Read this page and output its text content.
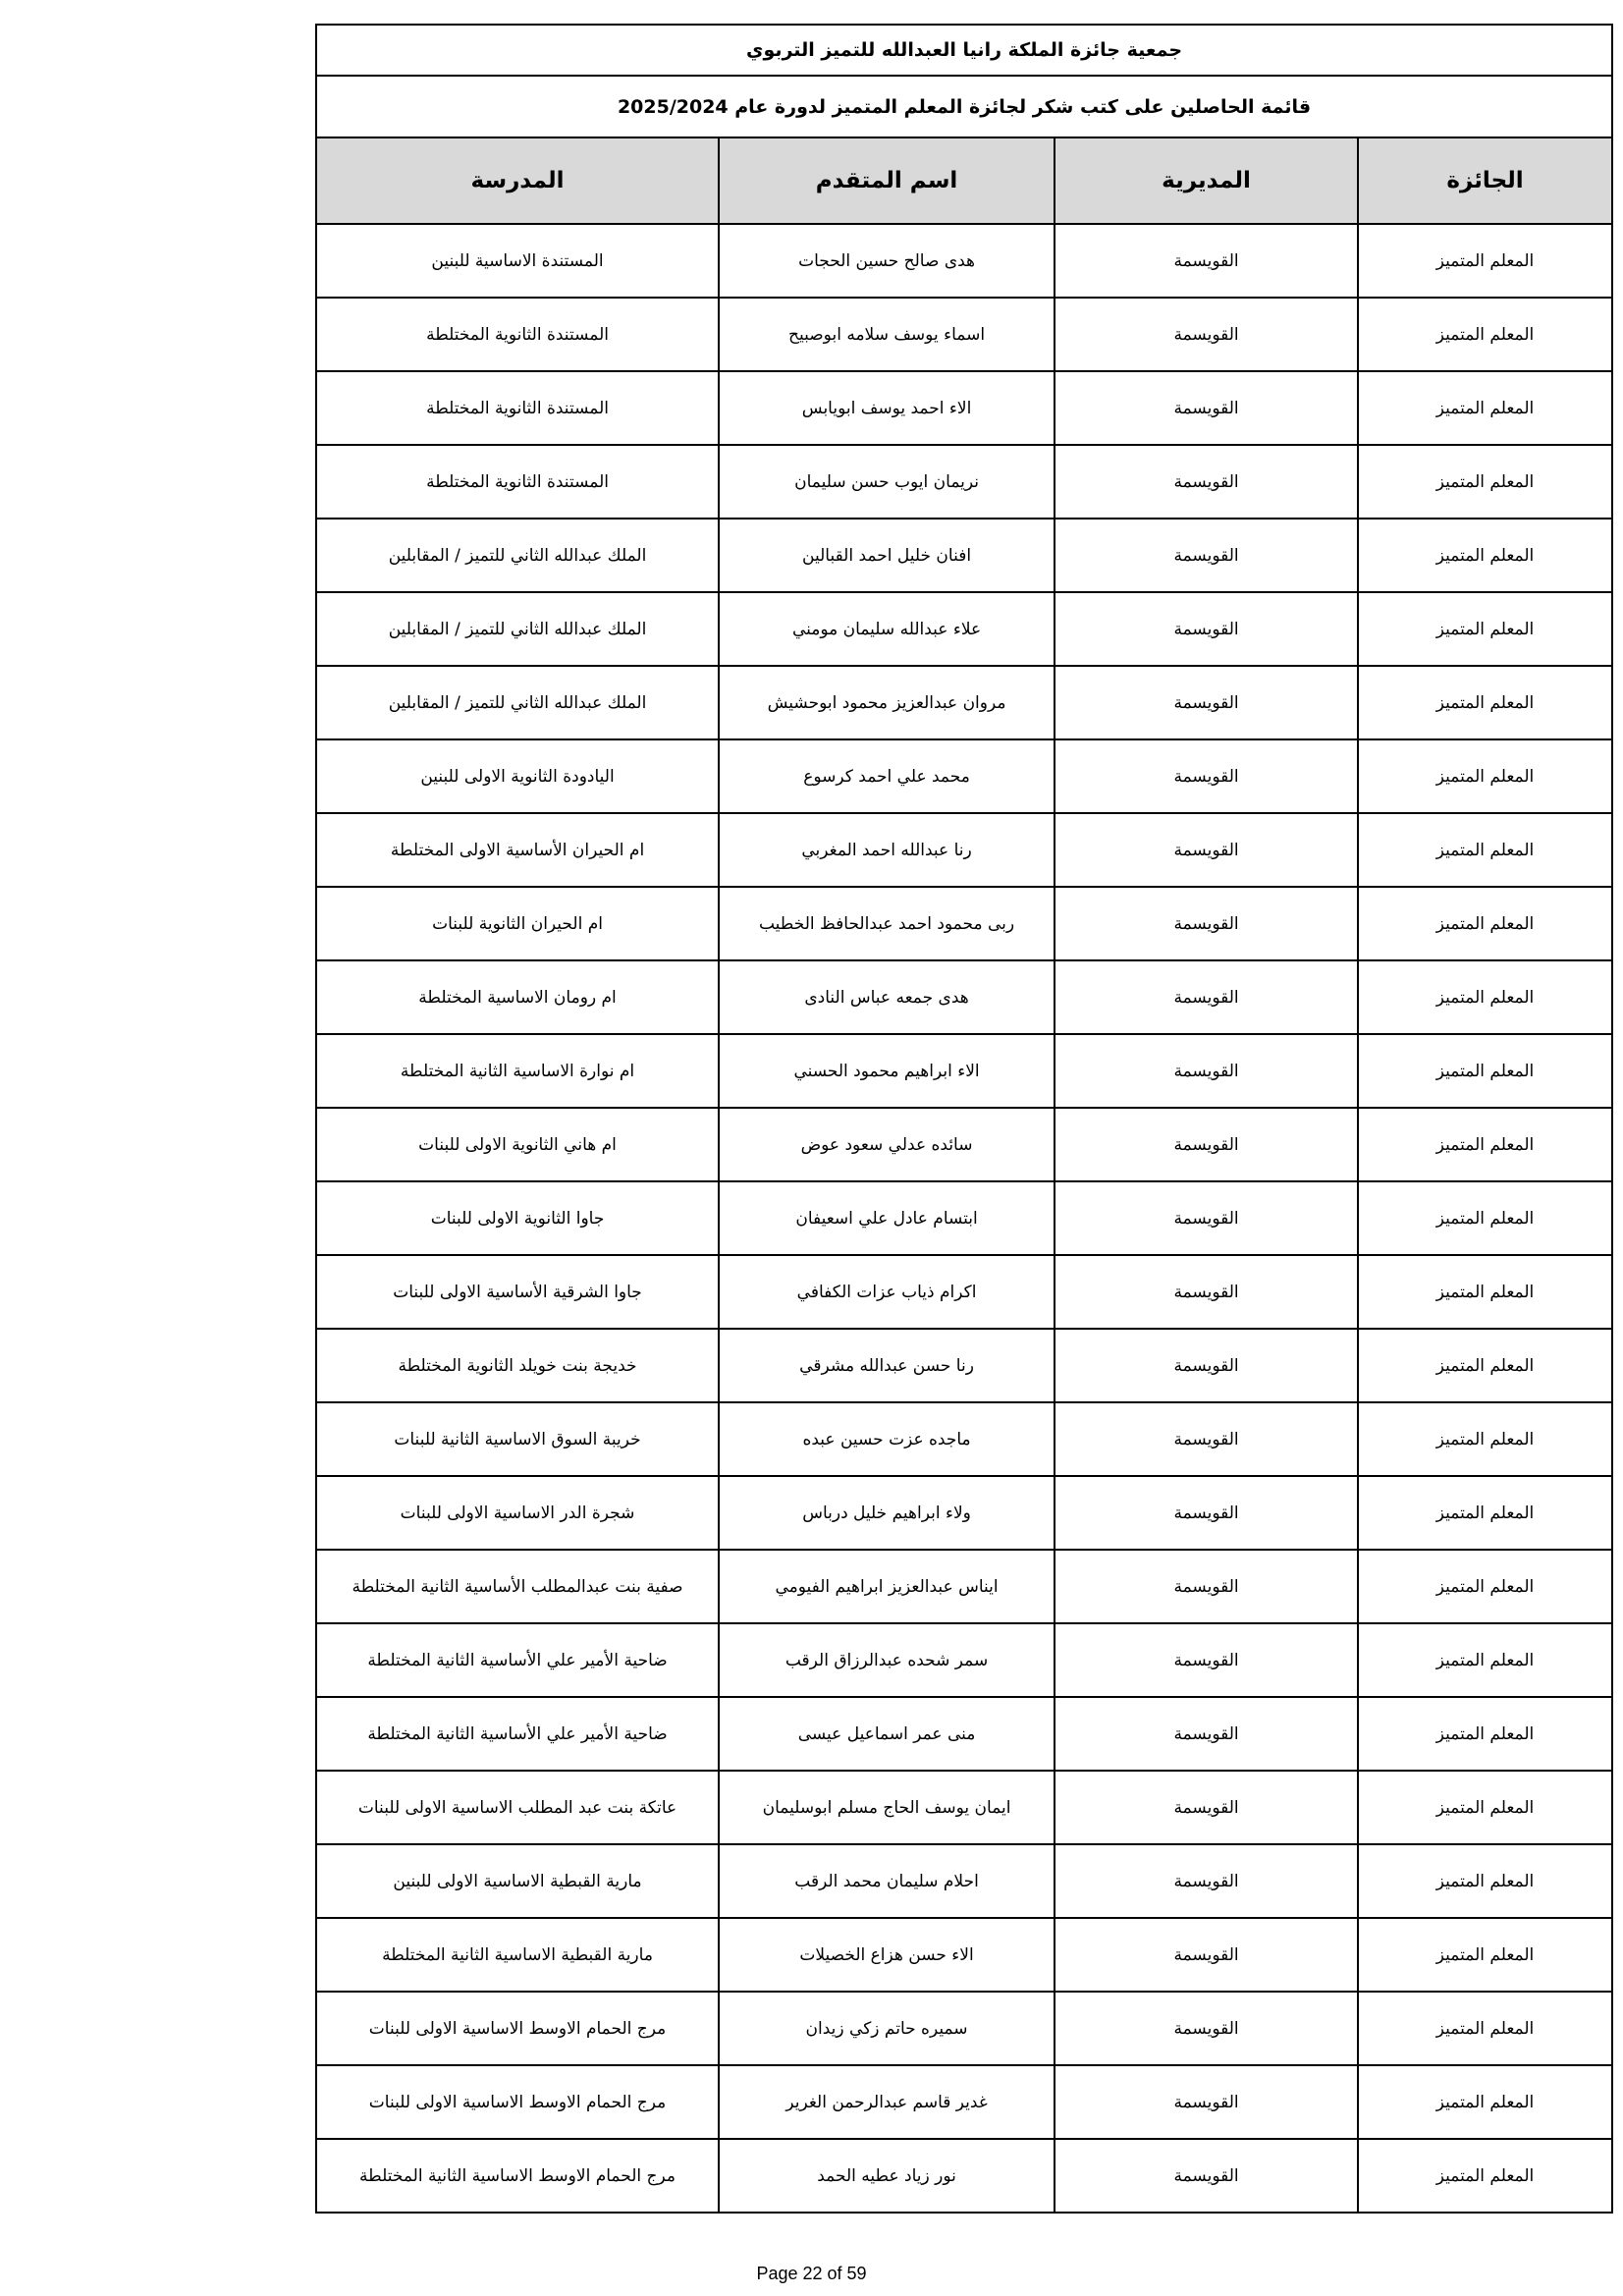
جمعية جائزة الملكة رانيا العبدالله للتميز التربوي			
قائمة الحاصلين على كتب شكر لجائزة المعلم المتميز لدورة عام 2025/2024			
الجائزة	المديرية	اسم المتقدم	المدرسة
المعلم المتميز	القويسمة	هدى صالح حسين الحجات	المستندة الاساسية للبنين
المعلم المتميز	القويسمة	اسماء يوسف سلامه ابوصبيح	المستندة الثانوية المختلطة
المعلم المتميز	القويسمة	الاء احمد يوسف ابويابس	المستندة الثانوية المختلطة
المعلم المتميز	القويسمة	نريمان ايوب حسن سليمان	المستندة الثانوية المختلطة
المعلم المتميز	القويسمة	افنان خليل احمد القبالين	الملك عبدالله الثاني للتميز / المقابلين
المعلم المتميز	القويسمة	علاء عبدالله سليمان مومني	الملك عبدالله الثاني للتميز / المقابلين
المعلم المتميز	القويسمة	مروان عبدالعزيز محمود ابوحشيش	الملك عبدالله الثاني للتميز / المقابلين
المعلم المتميز	القويسمة	محمد علي احمد كرسوع	اليادودة الثانوية الاولى للبنين
المعلم المتميز	القويسمة	رنا عبدالله احمد المغربي	ام الحيران الأساسية الاولى المختلطة
المعلم المتميز	القويسمة	ربى محمود احمد عبدالحافظ الخطيب	ام الحيران الثانوية للبنات
المعلم المتميز	القويسمة	هدى جمعه عباس النادى	ام رومان الاساسية المختلطة
المعلم المتميز	القويسمة	الاء ابراهيم محمود الحسني	ام نوارة الاساسية الثانية المختلطة
المعلم المتميز	القويسمة	سائده عدلي سعود عوض	ام هاني الثانوية الاولى للبنات
المعلم المتميز	القويسمة	ابتسام عادل علي اسعيفان	جاوا الثانوية الاولى للبنات
المعلم المتميز	القويسمة	اكرام ذياب عزات الكفافي	جاوا الشرقية الأساسية الاولى للبنات
المعلم المتميز	القويسمة	رنا حسن عبدالله مشرقي	خديجة بنت خويلد الثانوية المختلطة
المعلم المتميز	القويسمة	ماجده عزت حسين عبده	خريبة السوق الاساسية الثانية للبنات
المعلم المتميز	القويسمة	ولاء ابراهيم خليل درباس	شجرة الدر الاساسية الاولى للبنات
المعلم المتميز	القويسمة	ايناس عبدالعزيز ابراهيم الفيومي	صفية بنت عبدالمطلب الأساسية الثانية المختلطة
المعلم المتميز	القويسمة	سمر شحده عبدالرزاق الرقب	ضاحية الأمير علي الأساسية الثانية المختلطة
المعلم المتميز	القويسمة	منى عمر اسماعيل عيسى	ضاحية الأمير علي الأساسية الثانية المختلطة
المعلم المتميز	القويسمة	ايمان يوسف الحاج مسلم ابوسليمان	عاتكة بنت عبد المطلب الاساسية الاولى للبنات
المعلم المتميز	القويسمة	احلام سليمان محمد الرقب	مارية القبطية الاساسية الاولى للبنين
المعلم المتميز	القويسمة	الاء حسن هزاع الخصيلات	مارية القبطية الاساسية الثانية المختلطة
المعلم المتميز	القويسمة	سميره حاتم زكي زيدان	مرج الحمام الاوسط الاساسية الاولى للبنات
المعلم المتميز	القويسمة	غدير قاسم عبدالرحمن الغرير	مرج الحمام الاوسط الاساسية الاولى للبنات
المعلم المتميز	القويسمة	نور زياد عطيه الحمد	مرج الحمام الاوسط الاساسية الثانية المختلطة
Page 22 of 59
